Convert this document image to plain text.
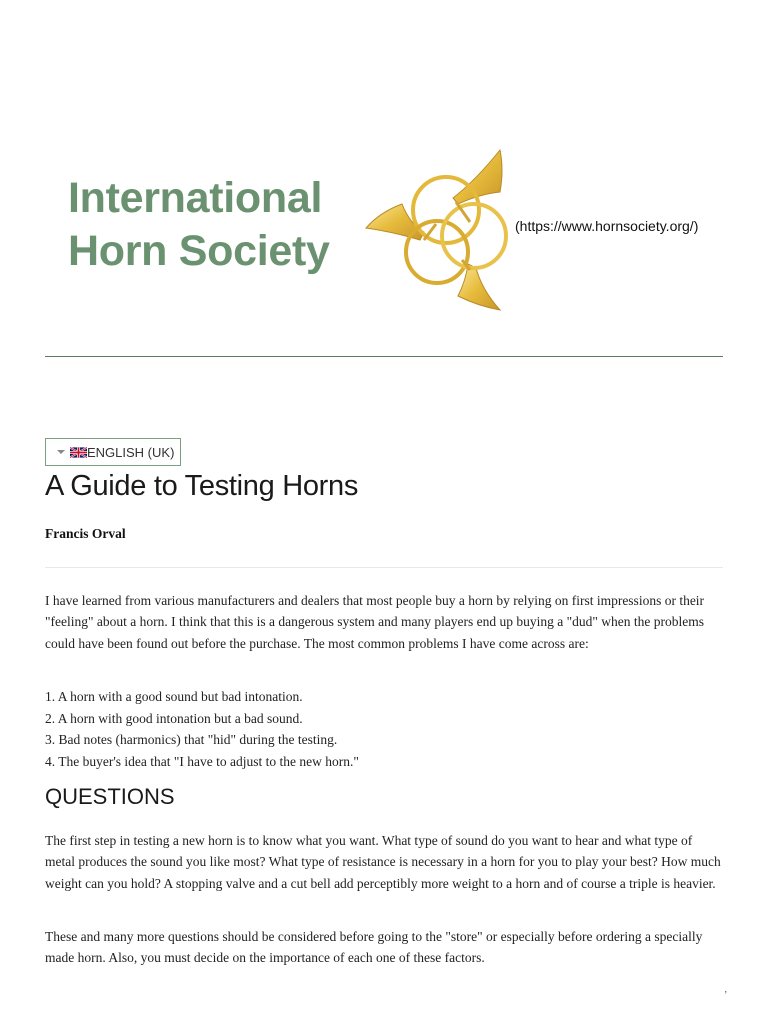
International
Horn Society
(https://www.hornsociety.org/)
ENGLISH (UK)
A Guide to Testing Horns
Francis Orval

I have learned from various manufacturers and dealers that most people buy a horn by relying on first impressions or their "feeling" about a horn. I think that this is a dangerous system and many players end up buying a "dud" when the problems could have been found out before the purchase. The most common problems I have come across are:

1. A horn with a good sound but bad intonation.
2. A horn with good intonation but a bad sound.
3. Bad notes (harmonics) that "hid" during the testing.
4. The buyer's idea that "I have to adjust to the new horn."
QUESTIONS

The first step in testing a new horn is to know what you want. What type of sound do you want to hear and what type of metal produces the sound you like most? What type of resistance is necessary in a horn for you to play your best? How much weight can you hold? A stopping valve and a cut bell add perceptibly more weight to a horn and of course a triple is heavier.

These and many more questions should be considered before going to the "store" or especially before ordering a specially made horn. Also, you must decide on the importance of each one of these factors.

’
